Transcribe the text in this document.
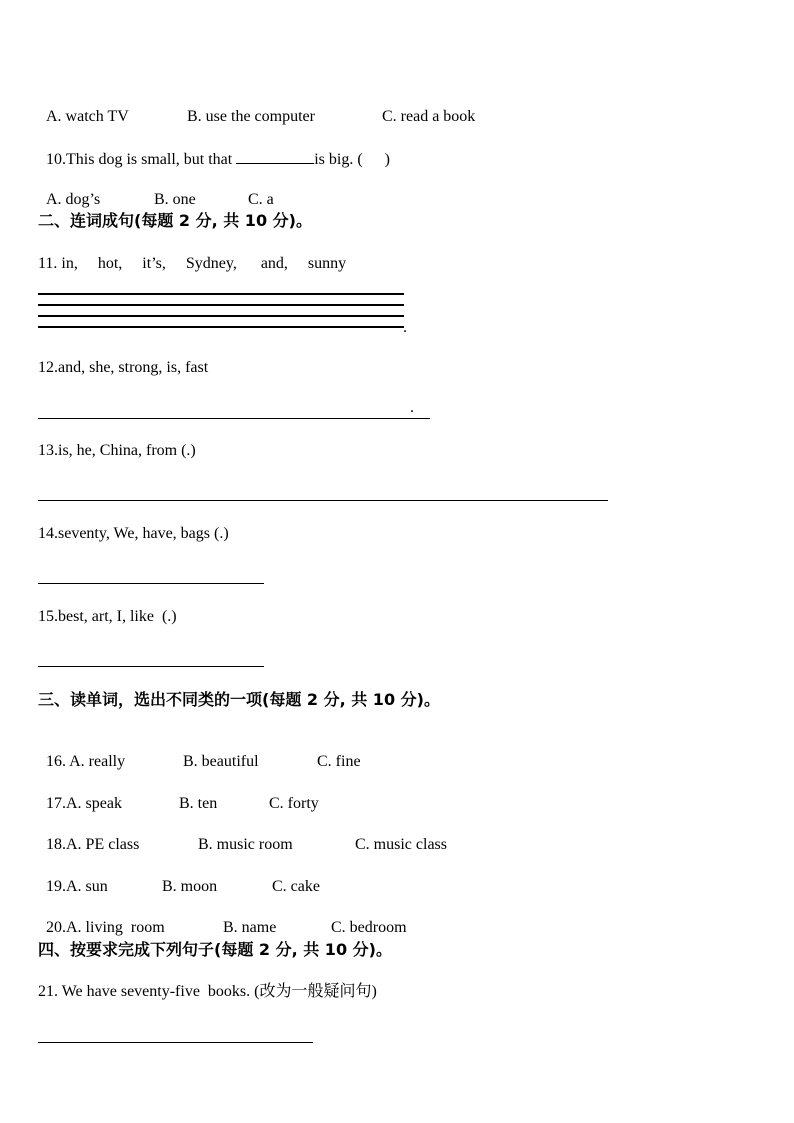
A. watch TV	B. use the computer	C. read a book

10.This dog is small, but that	is big. ( )

A. dog’s	B. one	C. a

二、连词成句(每题 2 分, 共 10 分)。
11. in,     hot,     it’s,     Sydney,      and,     sunny
.
12.and, she, strong, is, fast
.
13.is, he, China, from (.)
14.seventy, We, have, bags (.)
15.best, art, I, like  (.)
三、读单词，选出不同类的一项(每题 2 分, 共 10 分)。

16. A. really	B. beautiful	C. fine

17.A. speak	B. ten	C. forty

18.A. PE class	B. music room	C. music class

19.A. sun	B. moon	C. cake

20.A. living  room	B. name	C. bedroom

四、按要求完成下列句子(每题 2 分, 共 10 分)。
21. We have seventy-five  books. (改为一般疑问句)
